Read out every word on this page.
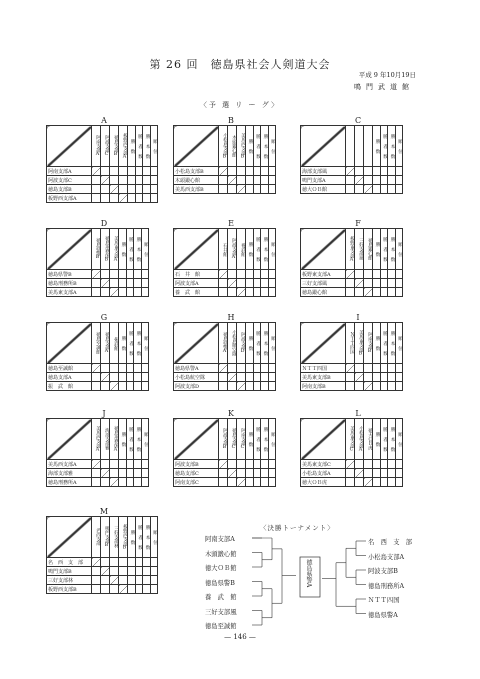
第 26 回　徳島県社会人剣道大会
平成 9 年10月19日
鳴門武道館
〈予 選 リ ー グ〉
A
	阿南支部A	阿波支部C	徳島支部B	板野西支部A	勝 数	勝 者 数	勝 本 数	順 位
阿南支部A								
阿波支部C								
徳島支部B								
板野西支部A								
B
	小松島支部B	木頭鍛心館	美馬西支部B	勝 数	勝 者 数	勝 本 数	順 位
小松島支部B							
木頭鍛心館							
美馬西支部B							
C
				勝 数	勝 者 数	勝 本 数	順 位
海部支部風							
鳴門支部A							
徳大ＯＢ館							
D
	徳島県警B	徳島刑務所B	美馬東支部A	勝 数	勝 者 数	勝 本 数	順 位
徳島県警B							
徳島刑務所B							
美馬東支部A							
E
	石井館	阿波支部A	養武館	勝 数	勝 者 数	勝 本 数	順 位
石　井　館							
阿波支部A							
養　武　館							
F
	板野東支部A	三好支部風	徳島鍛心館	勝 数	勝 者 数	勝 本 数	順 位
板野東支部A							
三好支部風							
徳島鍛心館							
G
	徳島至誠館	徳島支部A	振武館	勝 数	勝 者 数	勝 本 数	順 位
徳島至誠館							
徳島支部A							
振　武　館							
H
	徳島県警A	小松島航空隊	阿波支部D	勝 数	勝 者 数	勝 本 数	順 位
徳島県警A							
小松島航空隊							
阿波支部D							
I
	ＮＴＴ四国	美馬東支部B	阿南支部B	勝 数	勝 者 数	勝 本 数	順 位
ＮＴＴ四国							
美馬東支部B							
阿南支部B							
J
	美馬西支部A	海部支部雅	徳島刑務所A	勝 数	勝 者 数	勝 本 数	順 位
美馬西支部A							
海部支部雅							
徳島刑務所A							
K
	阿波支部B	徳島支部C	阿南支部C	勝 数	勝 者 数	勝 本 数	順 位
阿波支部B							
徳島支部C							
阿南支部C							
L
	美馬東支部C	小松島支部A	徳大ＯＢ虎	勝 数	勝 者 数	勝 本 数	順 位
美馬東支部C							
小松島支部A							
徳大ＯＢ虎							
M
	名西支部	鳴門支部B	三好支部林	板野西支部B	勝 数	勝 者 数	勝 本 数	順 位
名　西　支　部								
鳴門支部B								
三好支部林								
板野西支部B								
〈決勝トーナメント〉
阿南支部A
木頭鍛心館
徳大ＯＢ館
徳島県警B
養　武　館
三好支部風
徳島至誠館
名　西　支　部
小松島支部A
阿波支部B
徳島刑務所A
ＮＴＴ四国
徳島県警A
徳島県警A
— 146 —
